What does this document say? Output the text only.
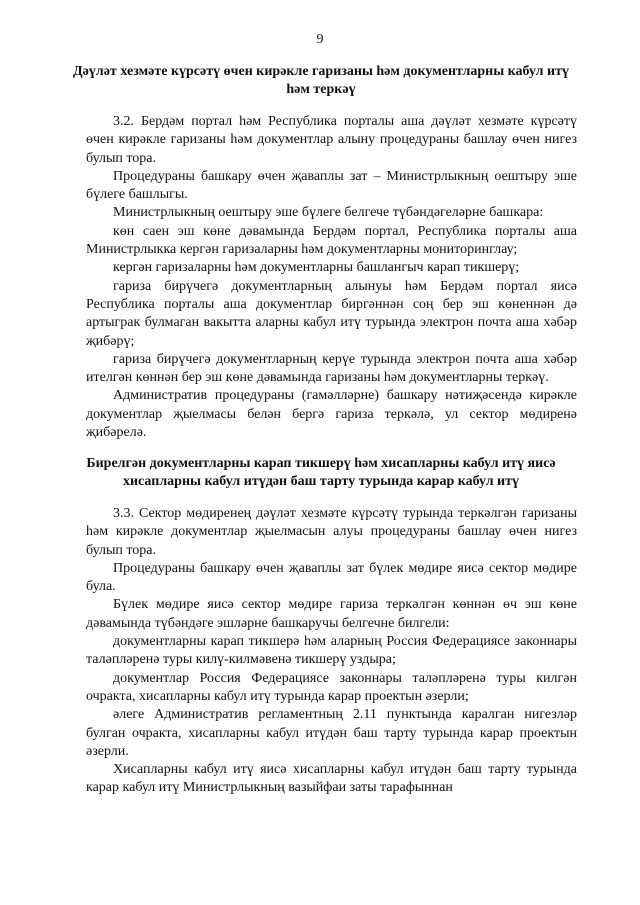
9
Дәүләт хезмәте күрсәтү өчен кирәкле гаризаны һәм документларны кабул итү һәм теркәү

3.2. Бердәм портал һәм Республика порталы аша дәүләт хезмәте күрсәтү өчен кирәкле гаризаны һәм документлар алыну процедураны башлау өчен нигез булып тора.

Процедураны башкару өчен җаваплы зат – Министрлыкның оештыру эше бүлеге башлыгы.

Министрлыкның оештыру эше бүлеге белгече түбәндәгеләрне башкара:

көн саен эш көне дәвамында Бердәм портал, Республика порталы аша Министрлыкка кергән гаризаларны һәм документларны мониторинглау;

кергән гаризаларны һәм документларны башлангыч карап тикшерү;

гариза бирүчегә документларның алынуы һәм Бердәм портал яисә Республика порталы аша документлар биргәннән соң бер эш көненнән дә артыграк булмаган вакытта аларны кабул итү турында электрон почта аша хәбәр җибәрү;

гариза бирүчегә документларның керүе турында электрон почта аша хәбәр ителгән көннән бер эш көне дәвамында гаризаны һәм документларны теркәү.

Административ процедураны (гамәлләрне) башкару нәтиҗәсендә кирәкле документлар җыелмасы белән бергә гариза теркәлә, ул сектор мөдиренә җибәрелә.

Бирелгән документларны карап тикшерү һәм хисапларны кабул итү яисә хисапларны кабул итүдән баш тарту турында карар кабул итү

3.3. Сектор мөдиренең дәүләт хезмәте күрсәтү турында теркәлгән гаризаны һәм кирәкле документлар җыелмасын алуы процедураны башлау өчен нигез булып тора.

Процедураны башкару өчен җаваплы зат бүлек мөдире яисә сектор мөдире була.

Бүлек мөдире яисә сектор мөдире гариза теркәлгән көннән өч эш көне дәвамында түбәндәге эшләрне башкаручы белгечне билгели:

документларны карап тикшерә һәм аларның Россия Федерациясе законнары таләпләренә туры килү-килмәвенә тикшерү уздыра;

документлар Россия Федерациясе законнары таләпләренә туры килгән очракта, хисапларны кабул итү турында карар проектын әзерли;

әлеге Административ регламентның 2.11 пунктында каралган нигезләр булган очракта, хисапларны кабул итүдән баш тарту турында карар проектын әзерли.

Хисапларны кабул итү яисә хисапларны кабул итүдән баш тарту турында карар кабул итү Министрлыкның вазыйфаи заты тарафыннан
